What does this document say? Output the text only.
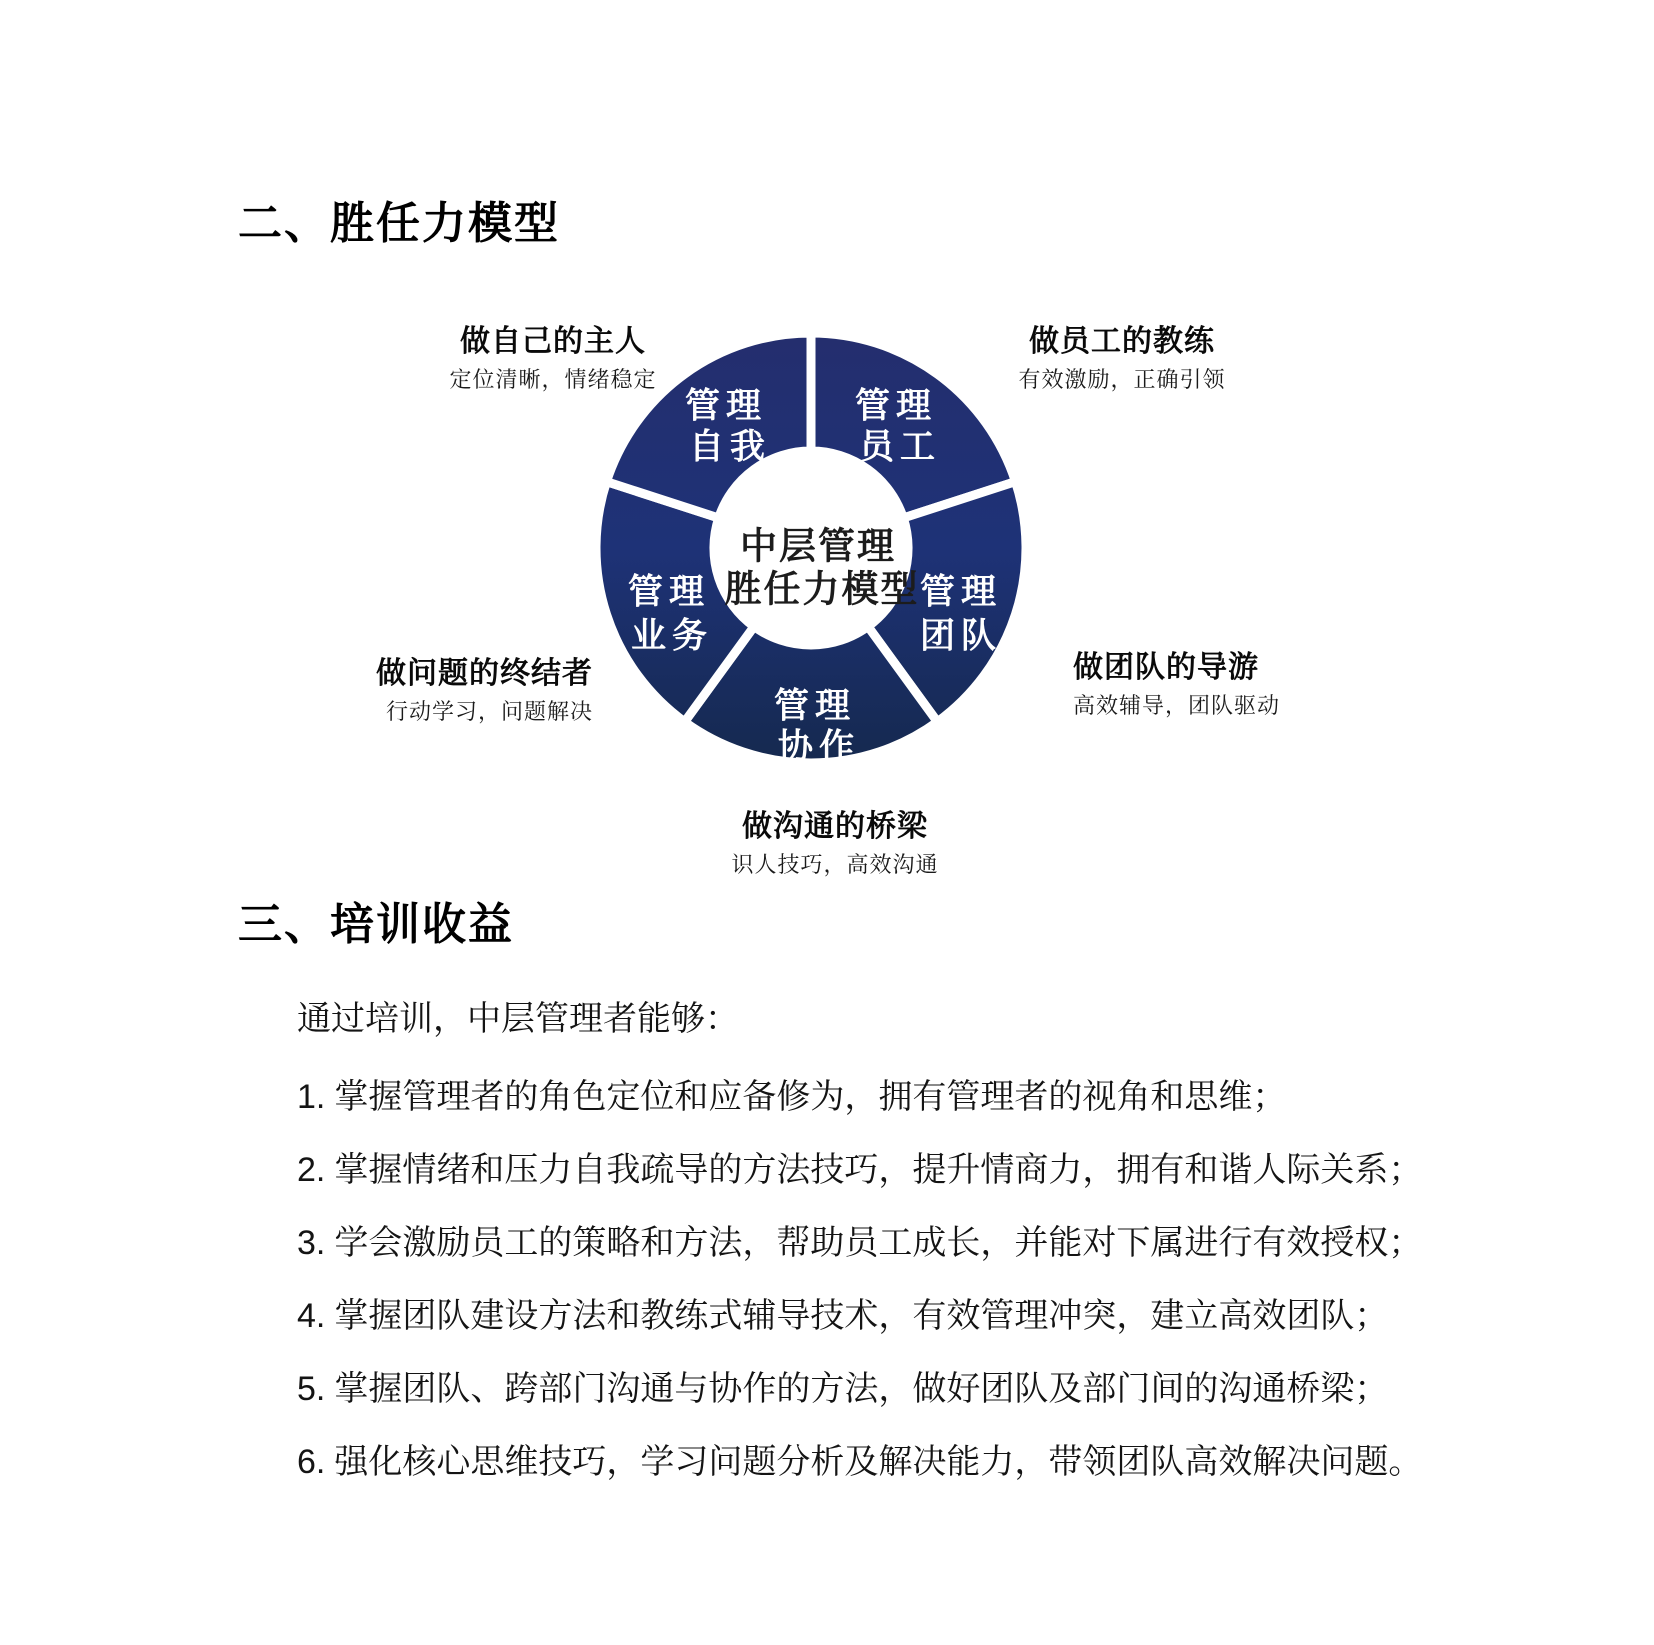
二、胜任力模型
管理
自我
管理
员工
管理
团队
管理
协作
管理
业务
中层管理
胜任力模型
做自己的主人
定位清晰，情绪稳定
做员工的教练
有效激励，正确引领
做团队的导游
高效辅导，团队驱动
做沟通的桥梁
识人技巧，高效沟通
做问题的终结者
行动学习，问题解决
三、培训收益

通过培训，中层管理者能够：

1. 掌握管理者的角色定位和应备修为，拥有管理者的视角和思维；
2. 掌握情绪和压力自我疏导的方法技巧，提升情商力，拥有和谐人际关系；
3. 学会激励员工的策略和方法，帮助员工成长，并能对下属进行有效授权；
4. 掌握团队建设方法和教练式辅导技术，有效管理冲突，建立高效团队；
5. 掌握团队、跨部门沟通与协作的方法，做好团队及部门间的沟通桥梁；
6. 强化核心思维技巧，学习问题分析及解决能力，带领团队高效解决问题。
